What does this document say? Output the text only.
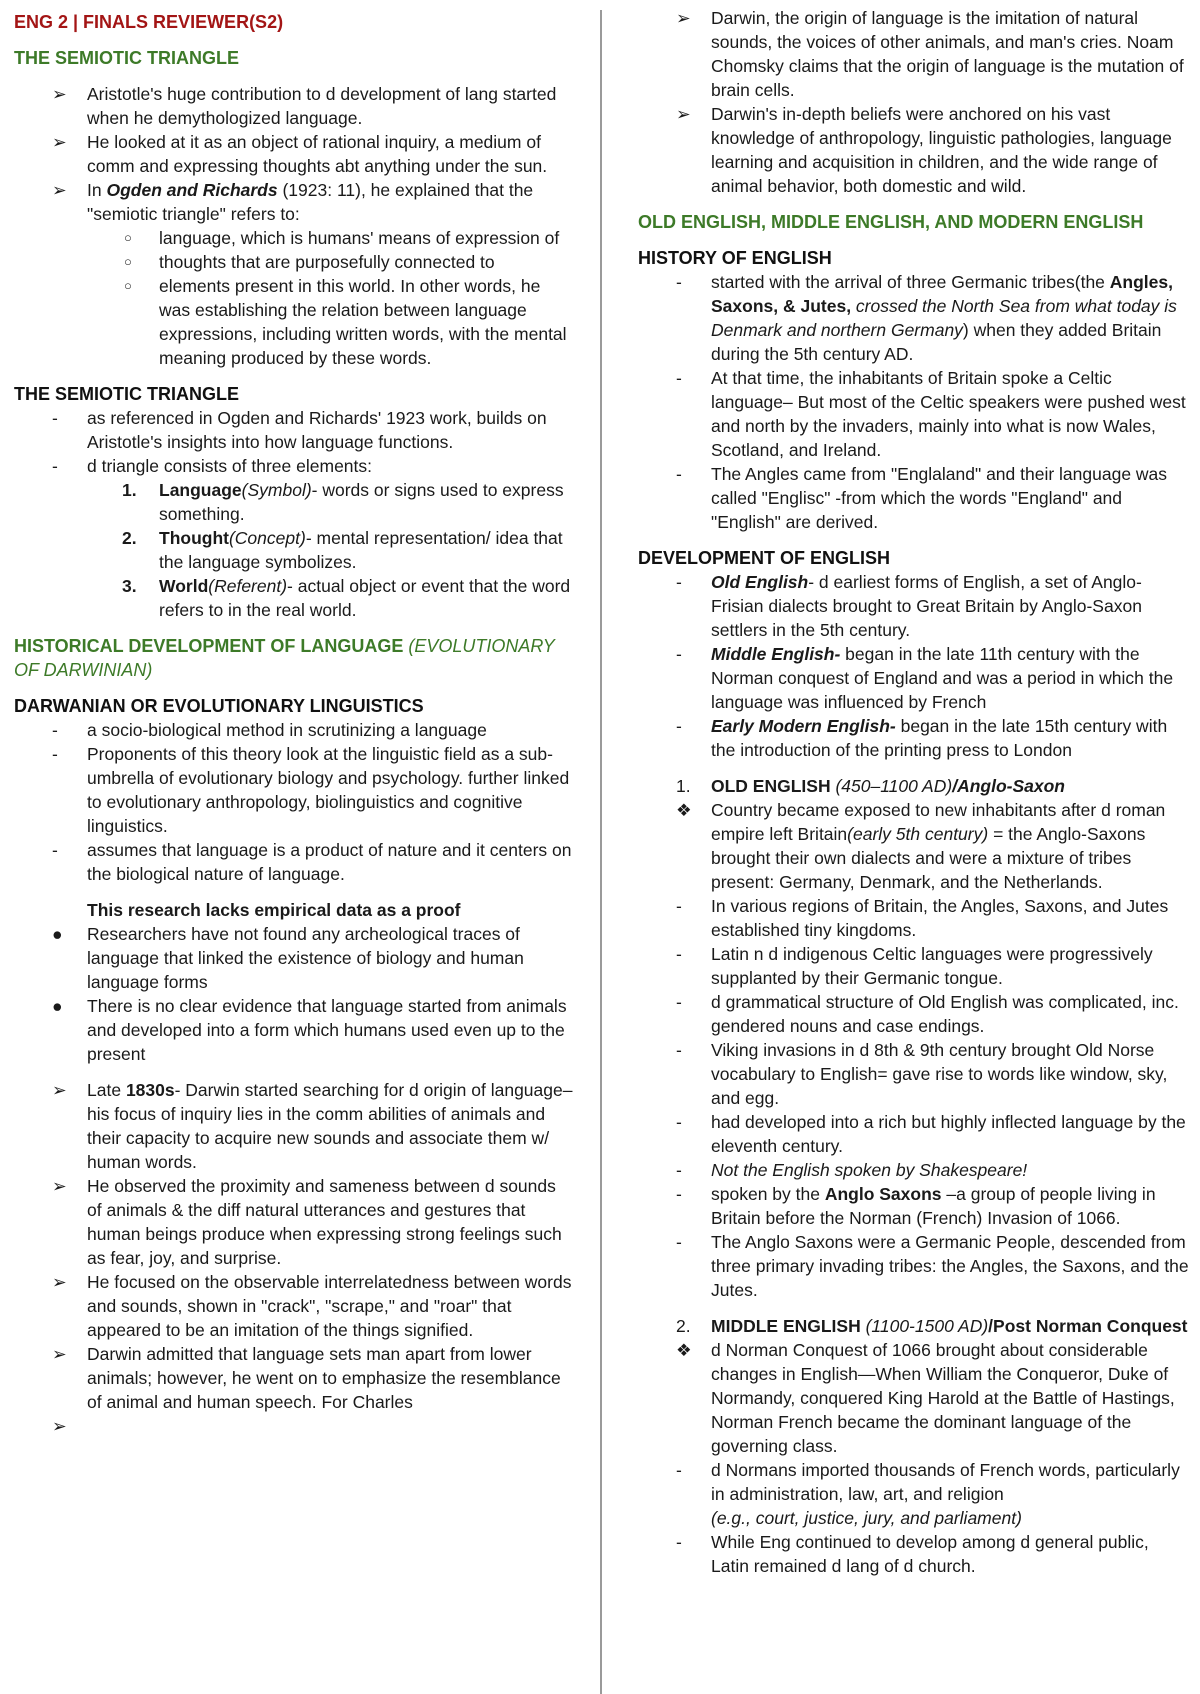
ENG 2 | FINALS REVIEWER(S2)
THE SEMIOTIC TRIANGLE
➢	Aristotle's huge contribution to d development of lang started when he demythologized language.
➢	He looked at it as an object of rational inquiry, a medium of comm and expressing thoughts abt anything under the sun.
➢	In Ogden and Richards (1923: 11), he explained that the "semiotic triangle" refers to:
○ language, which is humans' means of expression of
○ thoughts that are purposefully connected to
○ elements present in this world. In other words, he was establishing the relation between language expressions, including written words, with the mental meaning produced by these words.
THE SEMIOTIC TRIANGLE
-	as referenced in Ogden and Richards' 1923 work, builds on Aristotle's insights into how language functions.
-	d triangle consists of three elements:
1. Language(Symbol)- words or signs used to express something.
2. Thought(Concept)- mental representation/ idea that the language symbolizes.
3. World(Referent)- actual object or event that the word refers to in the real world.
HISTORICAL DEVELOPMENT OF LANGUAGE (EVOLUTIONARY OF DARWINIAN)
DARWANIAN OR EVOLUTIONARY LINGUISTICS
-	a socio-biological method in scrutinizing a language
-	Proponents of this theory look at the linguistic field as a sub-umbrella of evolutionary biology and psychology. further linked to evolutionary anthropology, biolinguistics and cognitive linguistics.
-	assumes that language is a product of nature and it centers on the biological nature of language.
This research lacks empirical data as a proof
●	Researchers have not found any archeological traces of language that linked the existence of biology and human language forms
●	There is no clear evidence that language started from animals and developed into a form which humans used even up to the present
➢	Late 1830s- Darwin started searching for d origin of language–his focus of inquiry lies in the comm abilities of animals and their capacity to acquire new sounds and associate them w/ human words.
➢	He observed the proximity and sameness between d sounds of animals & the diff natural utterances and gestures that human beings produce when expressing strong feelings such as fear, joy, and surprise.
➢	He focused on the observable interrelatedness between words and sounds, shown in "crack", "scrape," and "roar" that appeared to be an imitation of the things signified.
➢	Darwin admitted that language sets man apart from lower animals; however, he went on to emphasize the resemblance of animal and human speech. For Charles
➢

➢	Darwin, the origin of language is the imitation of natural sounds, the voices of other animals, and man's cries. Noam Chomsky claims that the origin of language is the mutation of brain cells.
➢	Darwin's in-depth beliefs were anchored on his vast knowledge of anthropology, linguistic pathologies, language learning and acquisition in children, and the wide range of animal behavior, both domestic and wild.
OLD ENGLISH, MIDDLE ENGLISH, AND MODERN ENGLISH
HISTORY OF ENGLISH
-	started with the arrival of three Germanic tribes(the Angles, Saxons, & Jutes, crossed the North Sea from what today is Denmark and northern Germany) when they added Britain during the 5th century AD.
-	At that time, the inhabitants of Britain spoke a Celtic language– But most of the Celtic speakers were pushed west and north by the invaders, mainly into what is now Wales, Scotland, and Ireland.
-	The Angles came from "Englaland" and their language was called "Englisc" -from which the words "England" and "English" are derived.
DEVELOPMENT OF ENGLISH
-	Old English- d earliest forms of English, a set of Anglo-Frisian dialects brought to Great Britain by Anglo-Saxon settlers in the 5th century.
-	Middle English- began in the late 11th century with the Norman conquest of England and was a period in which the language was influenced by French
-	Early Modern English- began in the late 15th century with the introduction of the printing press to London
1.	OLD ENGLISH (450–1100 AD)/Anglo-Saxon
❖	Country became exposed to new inhabitants after d roman empire left Britain(early 5th century) = the Anglo-Saxons brought their own dialects and were a mixture of tribes present: Germany, Denmark, and the Netherlands.
-	In various regions of Britain, the Angles, Saxons, and Jutes established tiny kingdoms.
-	Latin n d indigenous Celtic languages were progressively supplanted by their Germanic tongue.
-	d grammatical structure of Old English was complicated, inc. gendered nouns and case endings.
-	Viking invasions in d 8th & 9th century brought Old Norse vocabulary to English= gave rise to words like window, sky, and egg.
-	had developed into a rich but highly inflected language by the eleventh century.
-	Not the English spoken by Shakespeare!
-	spoken by the Anglo Saxons –a group of people living in Britain before the Norman (French) Invasion of 1066.
-	The Anglo Saxons were a Germanic People, descended from three primary invading tribes: the Angles, the Saxons, and the Jutes.
2.	MIDDLE ENGLISH (1100-1500 AD)/Post Norman Conquest
❖	d Norman Conquest of 1066 brought about considerable changes in English—When William the Conqueror, Duke of Normandy, conquered King Harold at the Battle of Hastings, Norman French became the dominant language of the governing class.
-	d Normans imported thousands of French words, particularly in administration, law, art, and religion
(e.g., court, justice, jury, and parliament)
-	While Eng continued to develop among d general public, Latin remained d lang of d church.
